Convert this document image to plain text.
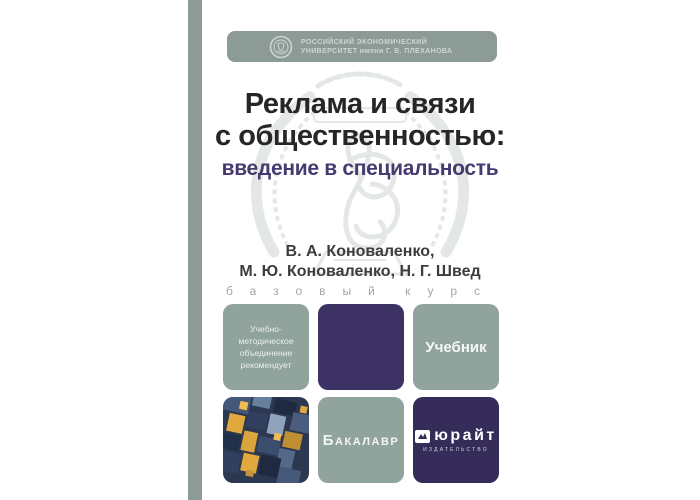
РОССИЙСКИЙ ЭКОНОМИЧЕСКИЙ
УНИВЕРСИТЕТ имени Г. В. ПЛЕХАНОВА
Реклама и связи
с общественностью:
введение в специальность
В. А. Коноваленко,
М. Ю. Коноваленко, Н. Г. Швед
базовый курс
Учебно-
методическое
объединение
рекомендует
Учебник
Бакалавр юрайт
ИЗДАТЕЛЬСТВО
